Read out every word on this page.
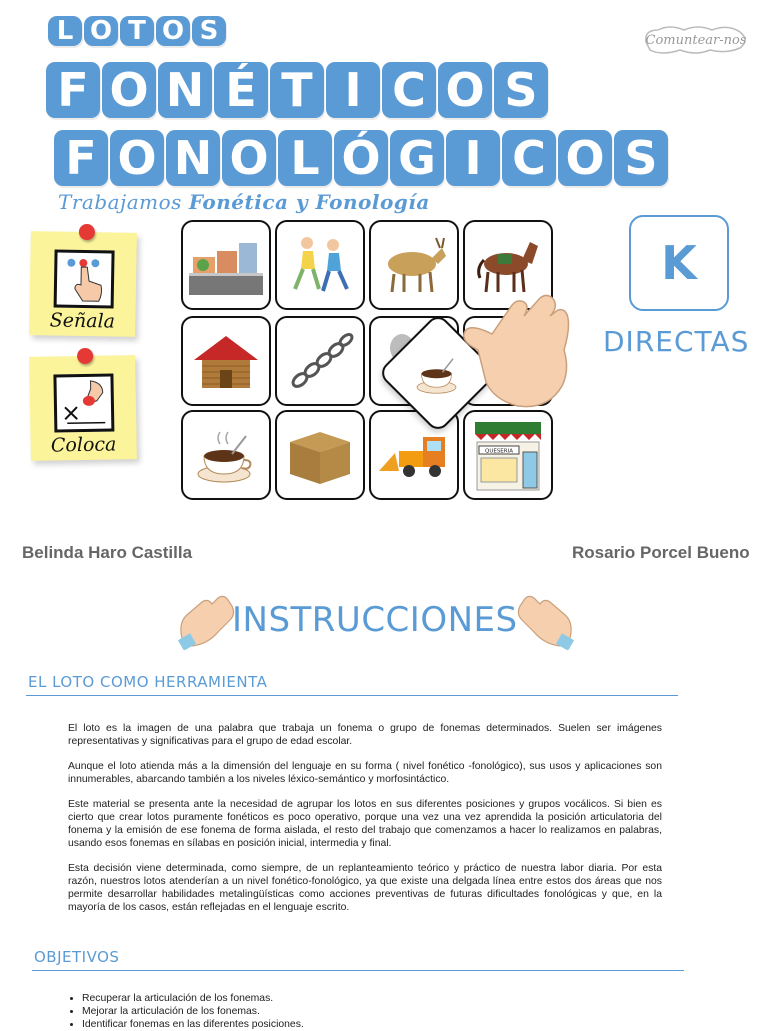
L O T O S
F O N É T I C O S
F O N O L Ó G I C O S
Trabajamos Fonética y Fonología
Comuntear-nos
Señala
Coloca	QUESERIA
K
DIRECTAS
Belinda Haro Castilla	Rosario Porcel Bueno
INSTRUCCIONES
EL LOTO COMO HERRAMIENTA

El loto es la imagen de una palabra que trabaja un fonema o grupo de fonemas determinados. Suelen ser imágenes representativas y significativas para el grupo de edad escolar.

Aunque el loto atienda más a la dimensión del lenguaje en su forma ( nivel fonético -fonológico), sus usos y aplicaciones son innumerables, abarcando también a los niveles léxico-semántico y morfosintáctico.

Este material se presenta ante la necesidad de agrupar los lotos en sus diferentes posiciones y grupos vocálicos. Si bien es cierto que crear lotos puramente fonéticos es poco operativo, porque una vez una vez aprendida la posición articulatoria del fonema y la emisión de ese fonema de forma aislada, el resto del trabajo que comenzamos a hacer lo realizamos en palabras, usando esos fonemas en sílabas en posición inicial, intermedia y final.

Esta decisión viene determinada, como siempre, de un replanteamiento teórico y práctico de nuestra labor diaria. Por esta razón, nuestros lotos atenderían a un nivel fonético-fonológico, ya que existe una delgada línea entre estos dos áreas que nos permite desarrollar habilidades metalingüísticas como acciones preventivas de futuras dificultades fonológicas y que, en la mayoría de los casos, están reflejadas en el lenguaje escrito.

OBJETIVOS
• Recuperar la articulación de los fonemas.
• Mejorar la articulación de los fonemas.
• Identificar fonemas en las diferentes posiciones.
